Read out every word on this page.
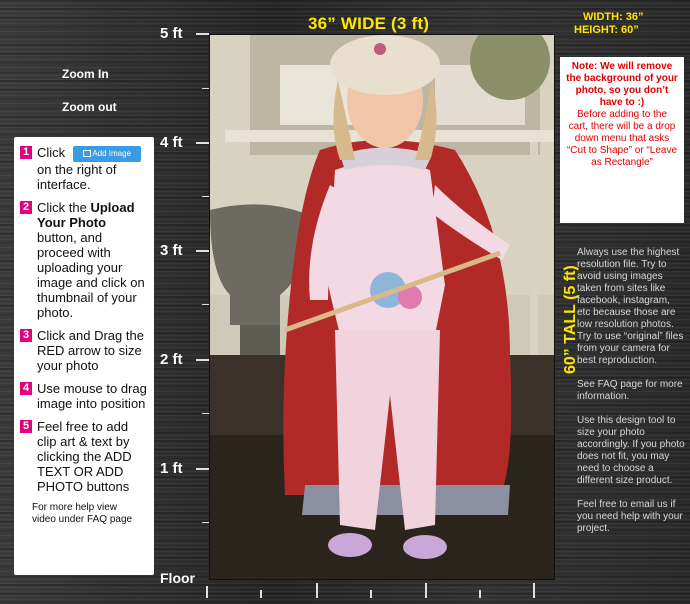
36” WIDE (3 ft)	WIDTH: 36”
HEIGHT: 60”
5 ft
4 ft
3 ft
2 ft
1 ft
Floor
Zoom In
Zoom out
1 Click	Add Image
on the right of interface.
2 Click the Upload Your Photo button, and proceed with uploading your image and click on thumbnail of your photo.
3 Click and Drag the RED arrow to size your photo
4 Use mouse to drag image into position
5 Feel free to add clip art & text by clicking the ADD TEXT OR ADD PHOTO buttons
For more help view video under FAQ page
Note: We will remove the background of your photo, so you don’t have to :)
Before adding to the cart, there will be a drop down menu that asks “Cut to Shape” or “Leave as Rectangle”
60” TALL (5 ft)

Always use the highest resolution file. Try to avoid using images taken from sites like facebook, instagram, etc because those are low resolution photos. Try to use “original” files from your camera for best reproduction.

See FAQ page for more information.

Use this design tool to size your photo accordingly. If you photo does not fit, you may need to choose a different size product.

Feel free to email us if you need help with your project.
